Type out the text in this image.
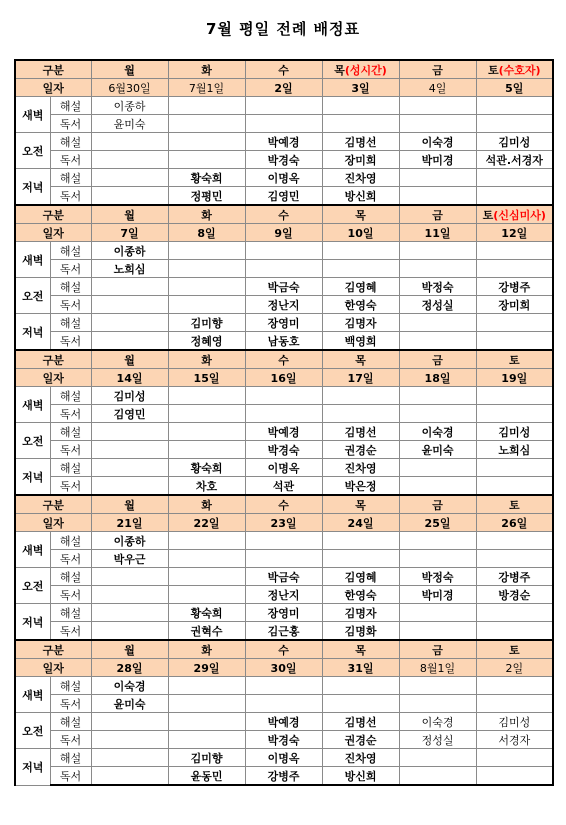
7월 평일 전례 배정표
구분		월	화	수	목(성시간)	금	토(수호자)
일자		6월30일	7월1일	2일	3일	4일	5일
새벽	해설	이종하					
	독서	윤미숙					
오전	해설			박예경	김명선	이숙경	김미성
	독서			박경숙	장미희	박미경	석관.서경자
저녁	해설		황숙희	이명옥	진차영		
	독서		정평민	김영민	방신희		
구분		월	화	수	목	금	토(신심미사)
일자		7일	8일	9일	10일	11일	12일
새벽	해설	이종하					
	독서	노희심					
오전	해설			박금숙	김영혜	박정숙	강병주
	독서			정난지	한영숙	정성실	장미희
저녁	해설		김미향	장영미	김명자		
	독서		정혜영	남동호	백영희		
구분		월	화	수	목	금	토
일자		14일	15일	16일	17일	18일	19일
새벽	해설	김미성					
	독서	김영민					
오전	해설			박예경	김명선	이숙경	김미성
	독서			박경숙	권경순	윤미숙	노희심
저녁	해설		황숙희	이명옥	진차영		
	독서		차호	석관	박은정		
구분		월	화	수	목	금	토
일자		21일	22일	23일	24일	25일	26일
새벽	해설	이종하					
	독서	박우근					
오전	해설			박금숙	김영혜	박정숙	강병주
	독서			정난지	한영숙	박미경	방경순
저녁	해설		황숙희	장영미	김명자		
	독서		권혁수	김근홍	김명화		
구분		월	화	수	목	금	토
일자		28일	29일	30일	31일	8월1일	2일
새벽	해설	이숙경					
	독서	윤미숙					
오전	해설			박예경	김명선	이숙경	김미성
	독서			박경숙	권경순	정성실	서경자
저녁	해설		김미향	이명옥	진차영		
	독서		윤동민	강병주	방신희		
